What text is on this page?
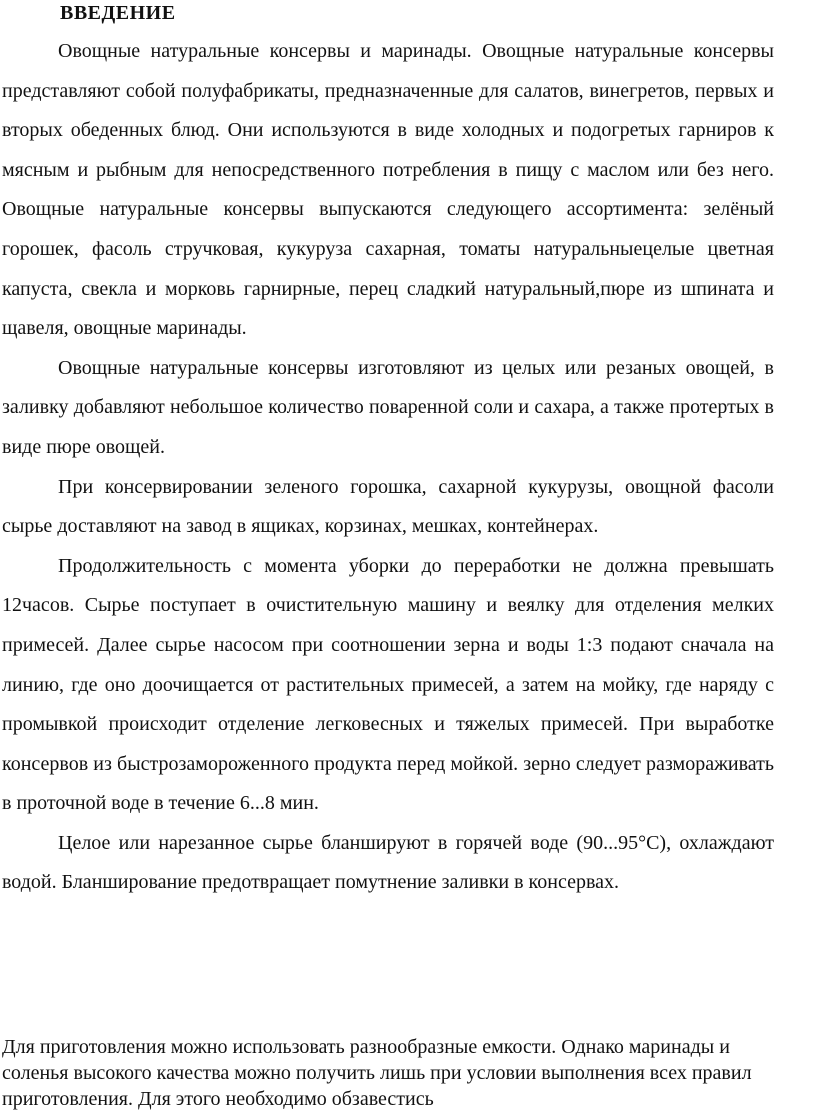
ВВЕДЕНИЕ

Овощные натуральные консервы и маринады. Овощные натуральные консервы представляют собой полуфабрикаты, предназначенные для салатов, винегретов, первых и вторых обеденных блюд. Они используются в виде холодных и подогретых гарниров к мясным и рыбным для непосредственного потребления в пищу с маслом или без него. Овощные натуральные консервы выпускаются следующего ассортимента: зелёный горошек, фасоль стручковая, кукуруза сахарная, томаты натуральныецелые цветная капуста, свекла и морковь гарнирные, перец сладкий натуральный,пюре из шпината и щавеля, овощные маринады.

Овощные натуральные консервы изготовляют из целых или резаных овощей, в заливку добавляют небольшое количество поваренной соли и сахара, а также протертых в виде пюре овощей.

При консервировании зеленого горошка, сахарной кукурузы, овощной фасоли сырье доставляют на завод в ящиках, корзинах, мешках, контейнерах.

Продолжительность с момента уборки до переработки не должна превышать 12часов. Сырье поступает в очистительную машину и веялку для отделения мелких примесей. Далее сырье насосом при соотношении зерна и воды 1:3 подают сначала на линию, где оно доочищается от растительных примесей, а затем на мойку, где наряду с промывкой происходит отделение легковесных и тяжелых примесей. При выработке консервов из быстрозамороженного продукта перед мойкой. зерно следует размораживать в проточной воде в течение 6...8 мин.

Целое или нарезанное сырье бланшируют в горячей воде (90...95°С), охлаждают водой. Бланширование предотвращает помутнение заливки в консервах.

Для приготовления можно использовать разнообразные емкости. Однако маринады и соленья высокого качества можно получить лишь при условии выполнения всех правил приготовления. Для этого необходимо обзавестись
